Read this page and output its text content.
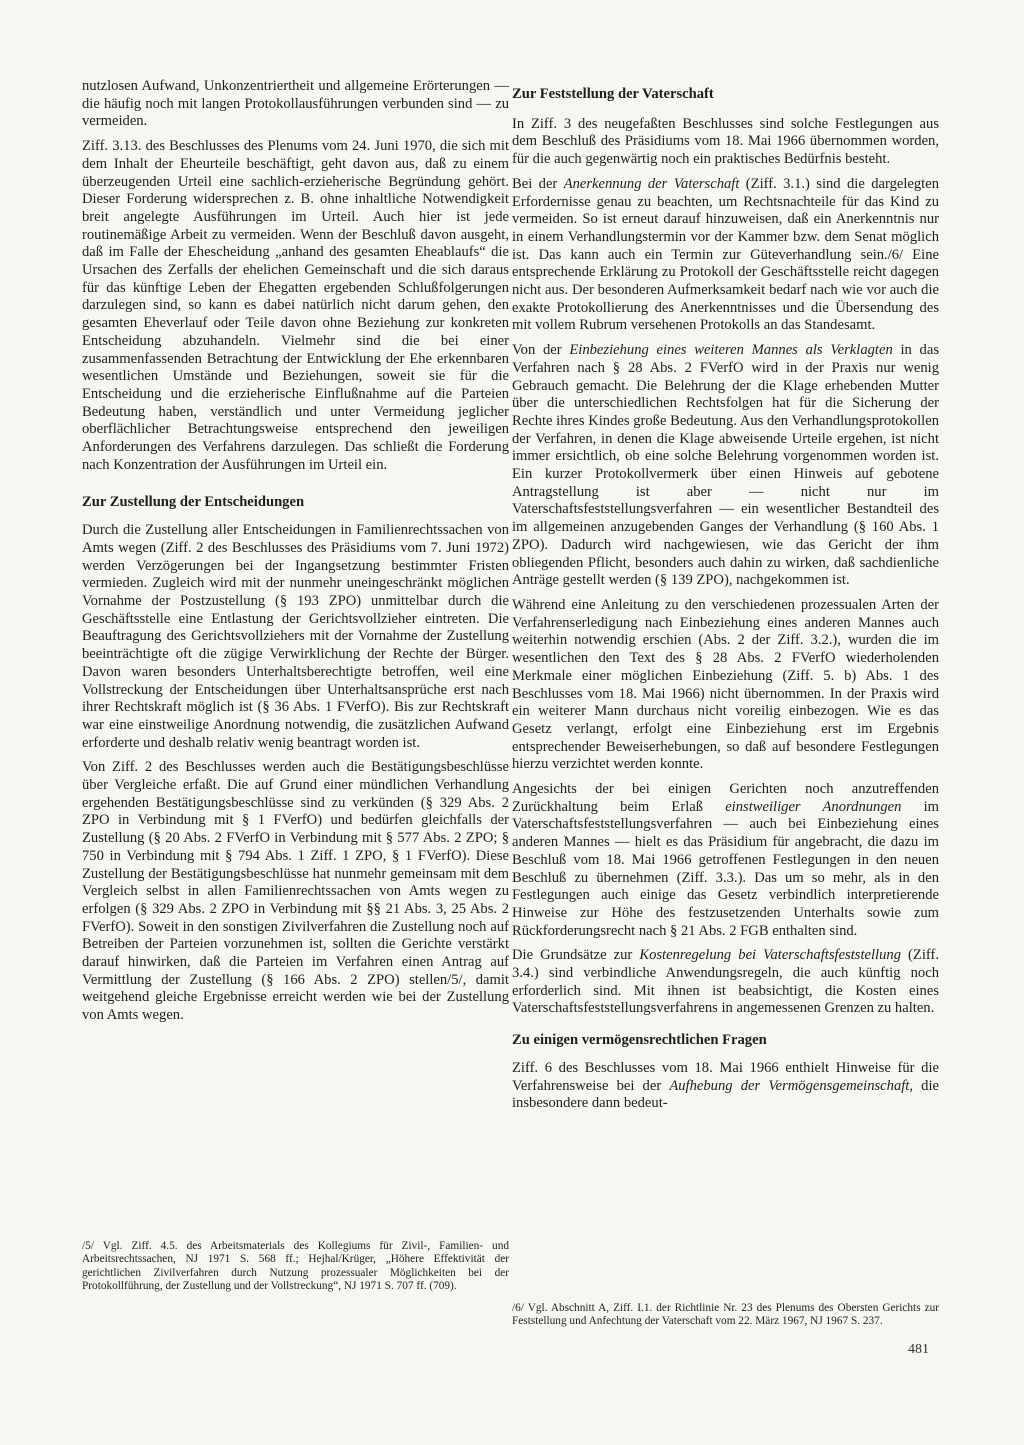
nutzlosen Aufwand, Unkonzentriertheit und allgemeine Erörterungen — die häufig noch mit langen Protokollausführungen verbunden sind — zu vermeiden.

Ziff. 3.13. des Beschlusses des Plenums vom 24. Juni 1970, die sich mit dem Inhalt der Eheurteile beschäftigt, geht davon aus, daß zu einem überzeugenden Urteil eine sachlich-erzieherische Begründung gehört. Dieser Forderung widersprechen z. B. ohne inhaltliche Notwendigkeit breit angelegte Ausführungen im Urteil. Auch hier ist jede routinemäßige Arbeit zu vermeiden. Wenn der Beschluß davon ausgeht, daß im Falle der Ehescheidung „anhand des gesamten Eheablaufs“ die Ursachen des Zerfalls der ehelichen Gemeinschaft und die sich daraus für das künftige Leben der Ehegatten ergebenden Schlußfolgerungen darzulegen sind, so kann es dabei natürlich nicht darum gehen, den gesamten Eheverlauf oder Teile davon ohne Beziehung zur konkreten Entscheidung abzuhandeln. Vielmehr sind die bei einer zusammenfassenden Betrachtung der Entwicklung der Ehe erkennbaren wesentlichen Umstände und Beziehungen, soweit sie für die Entscheidung und die erzieherische Einflußnahme auf die Parteien Bedeutung haben, verständlich und unter Vermeidung jeglicher oberflächlicher Betrachtungsweise entsprechend den jeweiligen Anforderungen des Verfahrens darzulegen. Das schließt die Forderung nach Konzentration der Ausführungen im Urteil ein.

Zur Zustellung der Entscheidungen

Durch die Zustellung aller Entscheidungen in Familienrechtssachen von Amts wegen (Ziff. 2 des Beschlusses des Präsidiums vom 7. Juni 1972) werden Verzögerungen bei der Ingangsetzung bestimmter Fristen vermieden. Zugleich wird mit der nunmehr uneingeschränkt möglichen Vornahme der Postzustellung (§ 193 ZPO) unmittelbar durch die Geschäftsstelle eine Entlastung der Gerichtsvollzieher eintreten. Die Beauftragung des Gerichtsvollziehers mit der Vornahme der Zustellung beeinträchtigte oft die zügige Verwirklichung der Rechte der Bürger. Davon waren besonders Unterhaltsberechtigte betroffen, weil eine Vollstreckung der Entscheidungen über Unterhaltsansprüche erst nach ihrer Rechtskraft möglich ist (§ 36 Abs. 1 FVerfO). Bis zur Rechtskraft war eine einstweilige Anordnung notwendig, die zusätzlichen Aufwand erforderte und deshalb relativ wenig beantragt worden ist.

Von Ziff. 2 des Beschlusses werden auch die Bestätigungsbeschlüsse über Vergleiche erfaßt. Die auf Grund einer mündlichen Verhandlung ergehenden Bestätigungsbeschlüsse sind zu verkünden (§ 329 Abs. 2 ZPO in Verbindung mit § 1 FVerfO) und bedürfen gleichfalls der Zustellung (§ 20 Abs. 2 FVerfO in Verbindung mit § 577 Abs. 2 ZPO; § 750 in Verbindung mit § 794 Abs. 1 Ziff. 1 ZPO, § 1 FVerfO). Diese Zustellung der Bestätigungsbeschlüsse hat nunmehr gemeinsam mit dem Vergleich selbst in allen Familienrechtssachen von Amts wegen zu erfolgen (§ 329 Abs. 2 ZPO in Verbindung mit §§ 21 Abs. 3, 25 Abs. 2 FVerfO). Soweit in den sonstigen Zivilverfahren die Zustellung noch auf Betreiben der Parteien vorzunehmen ist, sollten die Gerichte verstärkt darauf hinwirken, daß die Parteien im Verfahren einen Antrag auf Vermittlung der Zustellung (§ 166 Abs. 2 ZPO) stellen/5/, damit weitgehend gleiche Ergebnisse erreicht werden wie bei der Zustellung von Amts wegen.

/5/ Vgl. Ziff. 4.5. des Arbeitsmaterials des Kollegiums für Zivil-, Familien- und Arbeitsrechtssachen, NJ 1971 S. 568 ff.; Hejhal/Krüger, „Höhere Effektivität der gerichtlichen Zivilverfahren durch Nutzung prozessualer Möglichkeiten bei der Protokollführung, der Zustellung und der Vollstreckung“, NJ 1971 S. 707 ff. (709).

Zur Feststellung der Vaterschaft

In Ziff. 3 des neugefaßten Beschlusses sind solche Festlegungen aus dem Beschluß des Präsidiums vom 18. Mai 1966 übernommen worden, für die auch gegenwärtig noch ein praktisches Bedürfnis besteht.

Bei der Anerkennung der Vaterschaft (Ziff. 3.1.) sind die dargelegten Erfordernisse genau zu beachten, um Rechtsnachteile für das Kind zu vermeiden. So ist erneut darauf hinzuweisen, daß ein Anerkenntnis nur in einem Verhandlungstermin vor der Kammer bzw. dem Senat möglich ist. Das kann auch ein Termin zur Güteverhandlung sein./6/ Eine entsprechende Erklärung zu Protokoll der Geschäftsstelle reicht dagegen nicht aus. Der besonderen Aufmerksamkeit bedarf nach wie vor auch die exakte Protokollierung des Anerkenntnisses und die Übersendung des mit vollem Rubrum versehenen Protokolls an das Standesamt.

Von der Einbeziehung eines weiteren Mannes als Verklagten in das Verfahren nach § 28 Abs. 2 FVerfO wird in der Praxis nur wenig Gebrauch gemacht. Die Belehrung der die Klage erhebenden Mutter über die unterschiedlichen Rechtsfolgen hat für die Sicherung der Rechte ihres Kindes große Bedeutung. Aus den Verhandlungsprotokollen der Verfahren, in denen die Klage abweisende Urteile ergehen, ist nicht immer ersichtlich, ob eine solche Belehrung vorgenommen worden ist. Ein kurzer Protokollvermerk über einen Hinweis auf gebotene Antragstellung ist aber — nicht nur im Vaterschaftsfeststellungsverfahren — ein wesentlicher Bestandteil des im allgemeinen anzugebenden Ganges der Verhandlung (§ 160 Abs. 1 ZPO). Dadurch wird nachgewiesen, wie das Gericht der ihm obliegenden Pflicht, besonders auch dahin zu wirken, daß sachdienliche Anträge gestellt werden (§ 139 ZPO), nachgekommen ist.

Während eine Anleitung zu den verschiedenen prozessualen Arten der Verfahrenserledigung nach Einbeziehung eines anderen Mannes auch weiterhin notwendig erschien (Abs. 2 der Ziff. 3.2.), wurden die im wesentlichen den Text des § 28 Abs. 2 FVerfO wiederholenden Merkmale einer möglichen Einbeziehung (Ziff. 5. b) Abs. 1 des Beschlusses vom 18. Mai 1966) nicht übernommen. In der Praxis wird ein weiterer Mann durchaus nicht voreilig einbezogen. Wie es das Gesetz verlangt, erfolgt eine Einbeziehung erst im Ergebnis entsprechender Beweiserhebungen, so daß auf besondere Festlegungen hierzu verzichtet werden konnte.

Angesichts der bei einigen Gerichten noch anzutreffenden Zurückhaltung beim Erlaß einstweiliger Anordnungen im Vaterschaftsfeststellungsverfahren — auch bei Einbeziehung eines anderen Mannes — hielt es das Präsidium für angebracht, die dazu im Beschluß vom 18. Mai 1966 getroffenen Festlegungen in den neuen Beschluß zu übernehmen (Ziff. 3.3.). Das um so mehr, als in den Festlegungen auch einige das Gesetz verbindlich interpretierende Hinweise zur Höhe des festzusetzenden Unterhalts sowie zum Rückforderungsrecht nach § 21 Abs. 2 FGB enthalten sind.

Die Grundsätze zur Kostenregelung bei Vaterschaftsfeststellung (Ziff. 3.4.) sind verbindliche Anwendungsregeln, die auch künftig noch erforderlich sind. Mit ihnen ist beabsichtigt, die Kosten eines Vaterschaftsfeststellungsverfahrens in angemessenen Grenzen zu halten.

Zu einigen vermögensrechtlichen Fragen

Ziff. 6 des Beschlusses vom 18. Mai 1966 enthielt Hinweise für die Verfahrensweise bei der Aufhebung der Vermögensgemeinschaft, die insbesondere dann bedeut-

/6/ Vgl. Abschnitt A, Ziff. I.1. der Richtlinie Nr. 23 des Plenums des Obersten Gerichts zur Feststellung und Anfechtung der Vaterschaft vom 22. März 1967, NJ 1967 S. 237.

481
